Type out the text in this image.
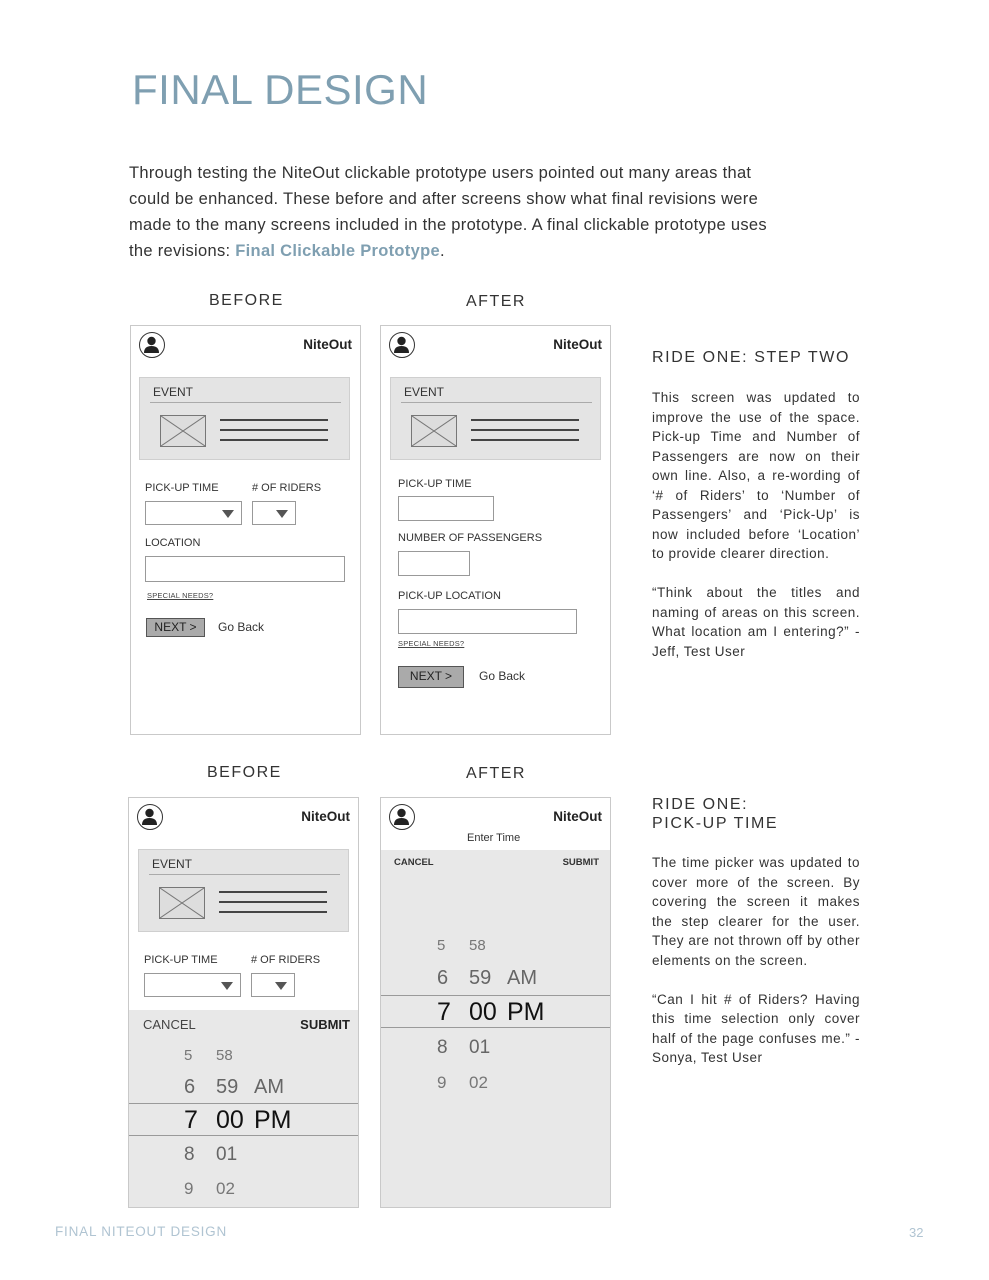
FINAL DESIGN
Through testing the NiteOut clickable prototype users pointed out many areas that could be enhanced. These before and after screens show what final revisions were made to the many screens included in the prototype. A final clickable prototype uses the revisions: Final Clickable Prototype.
BEFORE	AFTER
NiteOut
EVENT
PICK-UP TIME	# OF RIDERS
LOCATION
SPECIAL NEEDS?
NEXT >	Go Back
NiteOut
EVENT
PICK-UP TIME
NUMBER OF PASSENGERS
PICK-UP LOCATION
SPECIAL NEEDS?
NEXT >	Go Back
RIDE ONE: STEP TWO

This screen was updated to improve the use of the space. Pick-up Time and Number of Passengers are now on their own line. Also, a re-wording of ‘# of Riders’ to ‘Number of Passengers’ and ‘Pick-Up’ is now included before ‘Location’ to provide clearer direction.

“Think about the titles and naming of areas on this screen. What location am I entering?” - Jeff, Test User

BEFORE	AFTER
NiteOut
EVENT
PICK-UP TIME	# OF RIDERS
CANCEL	SUBMIT
5 58
6 59 AM
7 00 PM
8 01
9 02
NiteOut
Enter Time
CANCEL	SUBMIT
5 58
6 59 AM
7 00 PM
8 01
9 02
RIDE ONE:
PICK-UP TIME

The time picker was updated to cover more of the screen. By covering the screen it makes the step clearer for the user. They are not thrown off by other elements on the screen.

“Can I hit # of Riders? Having this time selection only cover half of the page confuses me.” - Sonya, Test User

FINAL NITEOUT DESIGN	32
